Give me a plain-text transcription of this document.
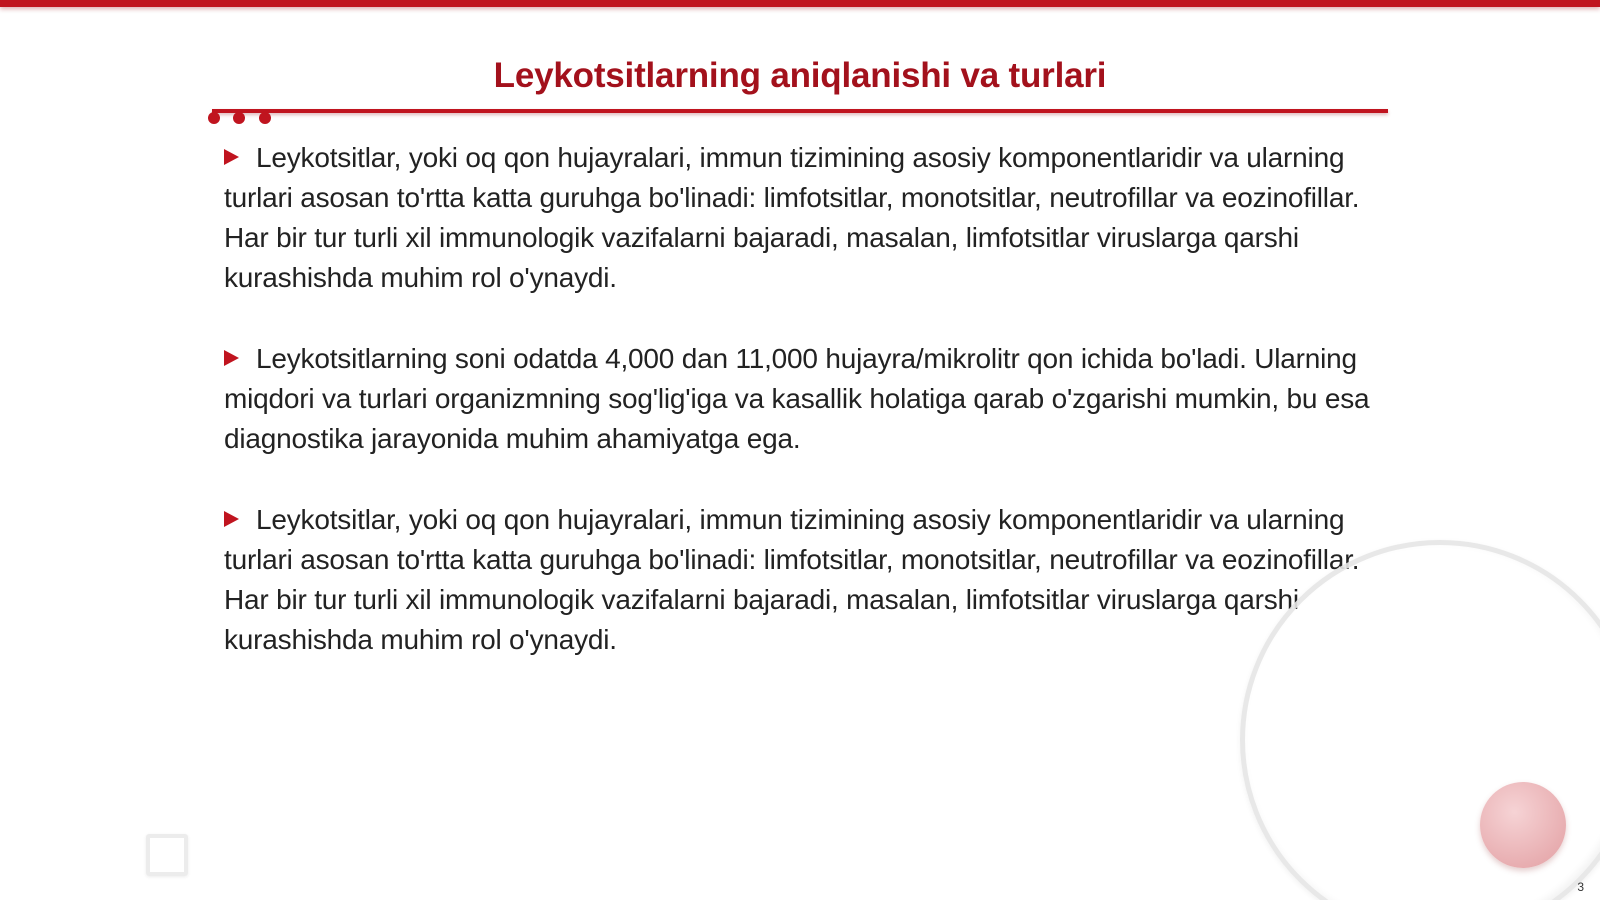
Leykotsitlarning aniqlanishi va turlari

Leykotsitlar, yoki oq qon hujayralari, immun tizimining asosiy komponentlaridir va ularning turlari asosan to'rtta katta guruhga bo'linadi: limfotsitlar, monotsitlar, neutrofillar va eozinofillar. Har bir tur turli xil immunologik vazifalarni bajaradi, masalan, limfotsitlar viruslarga qarshi kurashishda muhim rol o'ynaydi.

Leykotsitlarning soni odatda 4,000 dan 11,000 hujayra/mikrolitr qon ichida bo'ladi. Ularning miqdori va turlari organizmning sog'lig'iga va kasallik holatiga qarab o'zgarishi mumkin, bu esa diagnostika jarayonida muhim ahamiyatga ega.

Leykotsitlar, yoki oq qon hujayralari, immun tizimining asosiy komponentlaridir va ularning turlari asosan to'rtta katta guruhga bo'linadi: limfotsitlar, monotsitlar, neutrofillar va eozinofillar. Har bir tur turli xil immunologik vazifalarni bajaradi, masalan, limfotsitlar viruslarga qarshi kurashishda muhim rol o'ynaydi.

3
